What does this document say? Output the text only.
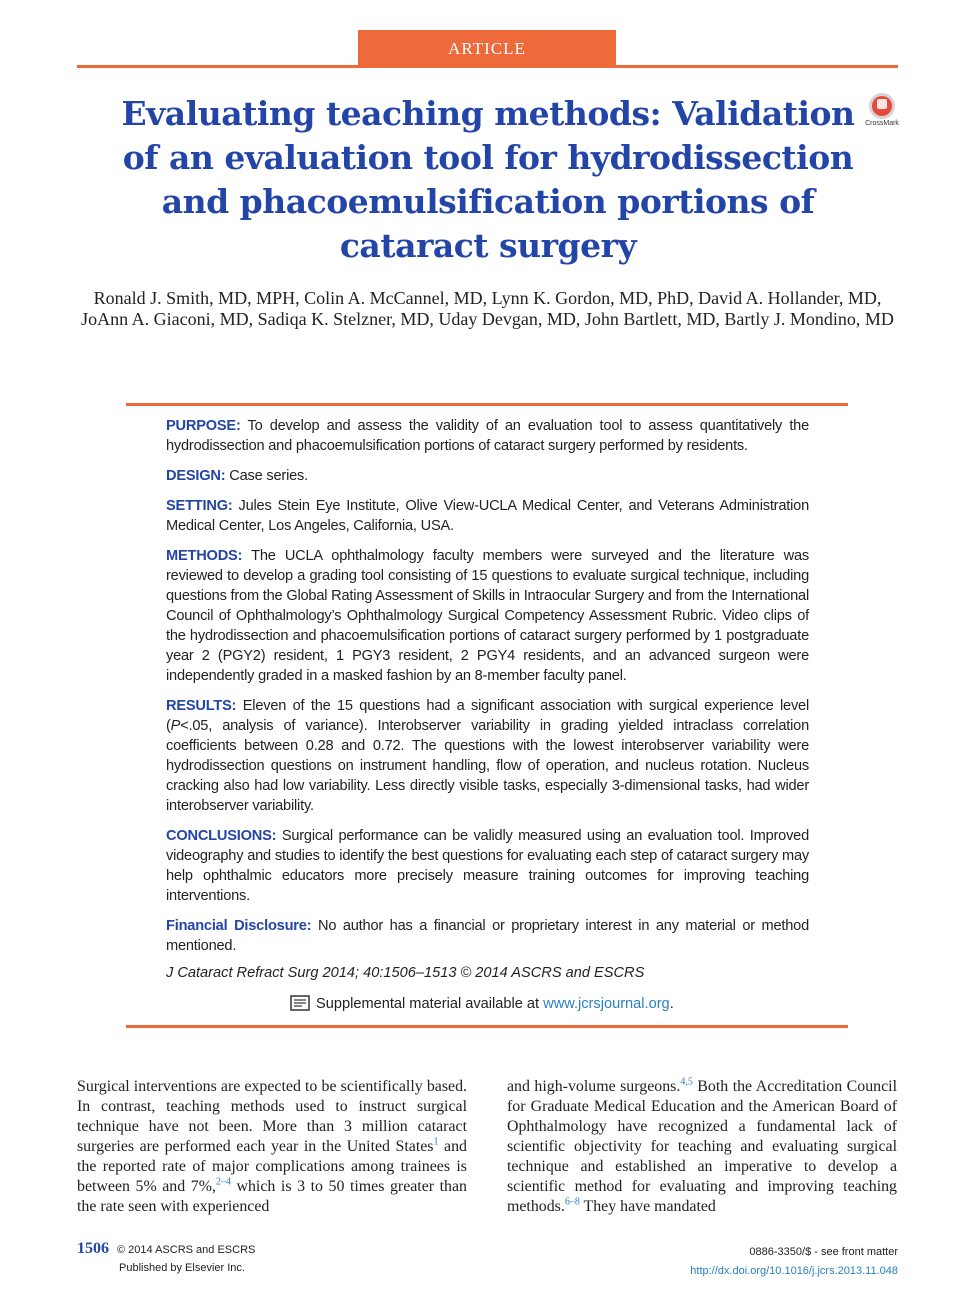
ARTICLE
Evaluating teaching methods: Validation of an evaluation tool for hydrodissection and phacoemulsification portions of cataract surgery
CrossMark
Ronald J. Smith, MD, MPH, Colin A. McCannel, MD, Lynn K. Gordon, MD, PhD, David A. Hollander, MD, JoAnn A. Giaconi, MD, Sadiqa K. Stelzner, MD, Uday Devgan, MD, John Bartlett, MD, Bartly J. Mondino, MD

PURPOSE: To develop and assess the validity of an evaluation tool to assess quantitatively the hydrodissection and phacoemulsification portions of cataract surgery performed by residents.

DESIGN: Case series.

SETTING: Jules Stein Eye Institute, Olive View-UCLA Medical Center, and Veterans Administration Medical Center, Los Angeles, California, USA.

METHODS: The UCLA ophthalmology faculty members were surveyed and the literature was reviewed to develop a grading tool consisting of 15 questions to evaluate surgical technique, including questions from the Global Rating Assessment of Skills in Intraocular Surgery and from the International Council of Ophthalmology’s Ophthalmology Surgical Competency Assessment Rubric. Video clips of the hydrodissection and phacoemulsification portions of cataract surgery performed by 1 postgraduate year 2 (PGY2) resident, 1 PGY3 resident, 2 PGY4 residents, and an advanced surgeon were independently graded in a masked fashion by an 8-member faculty panel.

RESULTS: Eleven of the 15 questions had a significant association with surgical experience level (P<.05, analysis of variance). Interobserver variability in grading yielded intraclass correlation coefficients between 0.28 and 0.72. The questions with the lowest interobserver variability were hydrodissection questions on instrument handling, flow of operation, and nucleus rotation. Nucleus cracking also had low variability. Less directly visible tasks, especially 3-dimensional tasks, had wider interobserver variability.

CONCLUSIONS: Surgical performance can be validly measured using an evaluation tool. Improved videography and studies to identify the best questions for evaluating each step of cataract surgery may help ophthalmic educators more precisely measure training outcomes for improving teaching interventions.

Financial Disclosure: No author has a financial or proprietary interest in any material or method mentioned.

J Cataract Refract Surg 2014; 40:1506–1513 © 2014 ASCRS and ESCRS
Supplemental material available at www.jcrsjournal.org.
Surgical interventions are expected to be scientifically based. In contrast, teaching methods used to instruct surgical technique have not been. More than 3 million cataract surgeries are performed each year in the United States$^1$ and the reported rate of major complications among trainees is between 5% and 7%,$^{2-4}$ which is 3 to 50 times greater than the rate seen with experienced
and high-volume surgeons.$^{4,5}$ Both the Accreditation Council for Graduate Medical Education and the American Board of Ophthalmology have recognized a fundamental lack of scientific objectivity for teaching and evaluating surgical technique and established an imperative to develop a scientific method for evaluating and improving teaching methods.$^{6-8}$ They have mandated
1506 © 2014 ASCRS and ESCRS
Published by Elsevier Inc.
0886-3350/$ - see front matter
http://dx.doi.org/10.1016/j.jcrs.2013.11.048
